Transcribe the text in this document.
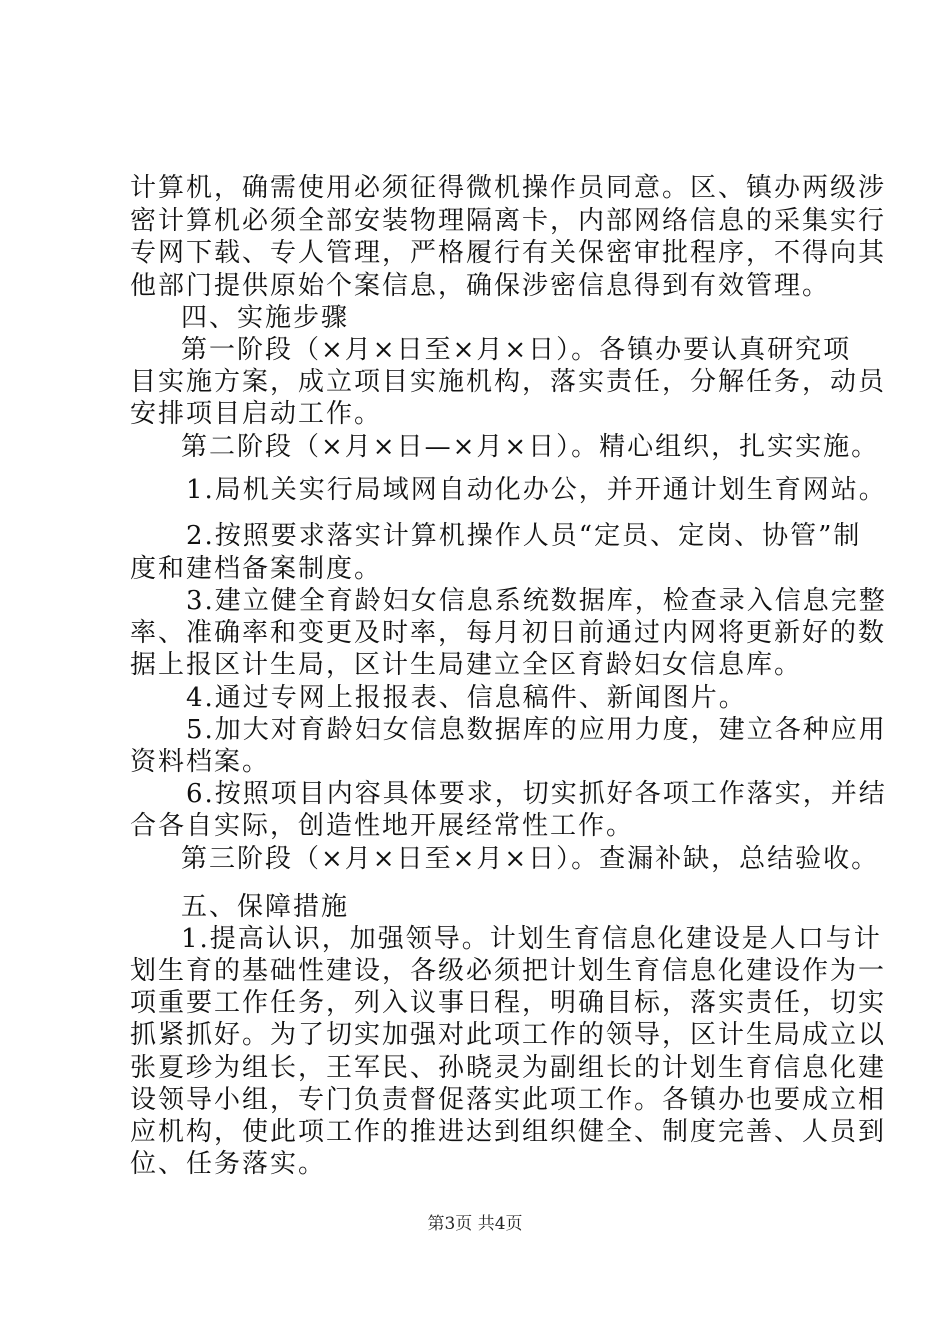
计算机，确需使用必须征得微机操作员同意。区、镇办两级涉
密计算机必须全部安装物理隔离卡，内部网络信息的采集实行
专网下载、专人管理，严格履行有关保密审批程序，不得向其
他部门提供原始个案信息，确保涉密信息得到有效管理。
四、实施步骤
第一阶段（×月×日至×月×日）。各镇办要认真研究项
目实施方案，成立项目实施机构，落实责任，分解任务，动员
安排项目启动工作。
第二阶段（×月×日—×月×日）。精心组织，扎实实施。
1.局机关实行局域网自动化办公，并开通计划生育网站。
2.按照要求落实计算机操作人员“定员、定岗、协管”制
度和建档备案制度。
3.建立健全育龄妇女信息系统数据库，检查录入信息完整
率、准确率和变更及时率，每月初日前通过内网将更新好的数
据上报区计生局，区计生局建立全区育龄妇女信息库。
4.通过专网上报报表、信息稿件、新闻图片。
5.加大对育龄妇女信息数据库的应用力度，建立各种应用
资料档案。
6.按照项目内容具体要求，切实抓好各项工作落实，并结
合各自实际，创造性地开展经常性工作。
第三阶段（×月×日至×月×日）。查漏补缺，总结验收。
五、保障措施
1.提高认识，加强领导。计划生育信息化建设是人口与计
划生育的基础性建设，各级必须把计划生育信息化建设作为一
项重要工作任务，列入议事日程，明确目标，落实责任，切实
抓紧抓好。为了切实加强对此项工作的领导，区计生局成立以
张夏珍为组长，王军民、孙晓灵为副组长的计划生育信息化建
设领导小组，专门负责督促落实此项工作。各镇办也要成立相
应机构，使此项工作的推进达到组织健全、制度完善、人员到
位、任务落实。
第3页 共4页
